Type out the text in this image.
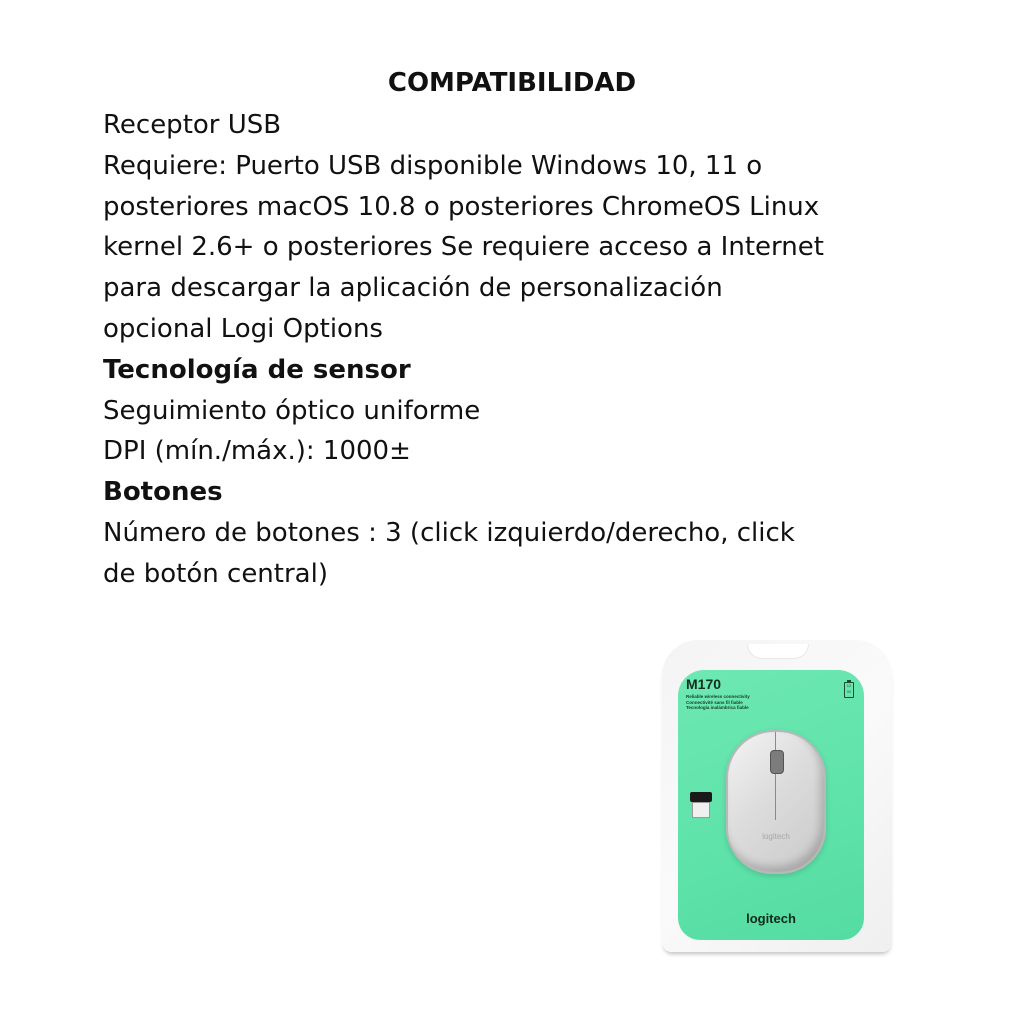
COMPATIBILIDAD
Receptor USB
Requiere: Puerto USB disponible Windows 10, 11 o
posteriores macOS 10.8 o posteriores ChromeOS Linux
kernel 2.6+ o posteriores Se requiere acceso a Internet
para descargar la aplicación de personalización
opcional Logi Options
Tecnología de sensor
Seguimiento óptico uniforme
DPI (mín./máx.): 1000±
Botones
Número de botones : 3 (click izquierdo/derecho, click
de botón central)
M170
Reliable wireless connectivity
Connectivité sans fil fiable
Tecnología inalámbrica fiable
12 M
logitech
logitech
